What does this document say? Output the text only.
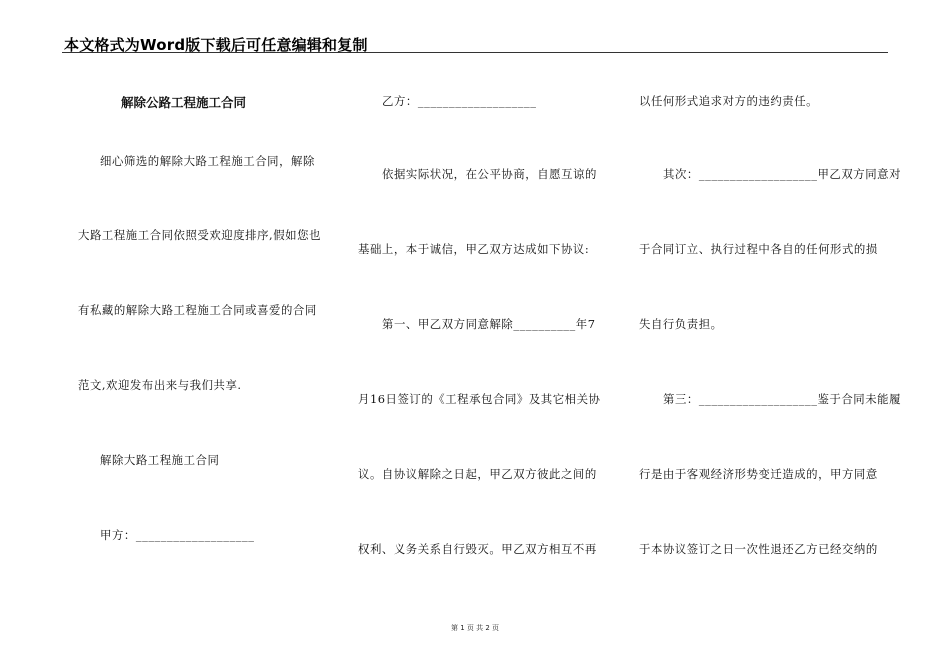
本文格式为Word版下载后可任意编辑和复制
解除公路工程施工合同
细心筛选的解除大路工程施工合同，解除
大路工程施工合同依照受欢迎度排序,假如您也
有私藏的解除大路工程施工合同或喜爱的合同
范文,欢迎发布出来与我们共享.
解除大路工程施工合同
甲方：___________________
乙方：___________________
依据实际状况，在公平协商，自愿互谅的
基础上，本于诚信，甲乙双方达成如下协议:
第一、甲乙双方同意解除__________年7
月16日签订的《工程承包合同》及其它相关协
议。自协议解除之日起，甲乙双方彼此之间的
权利、义务关系自行毁灭。甲乙双方相互不再
以任何形式追求对方的违约责任。
其次：___________________甲乙双方同意对
于合同订立、执行过程中各自的任何形式的损
失自行负责担。
第三：___________________鉴于合同未能履
行是由于客观经济形势变迁造成的，甲方同意
于本协议签订之日一次性退还乙方已经交纳的
第 1 页 共 2 页
